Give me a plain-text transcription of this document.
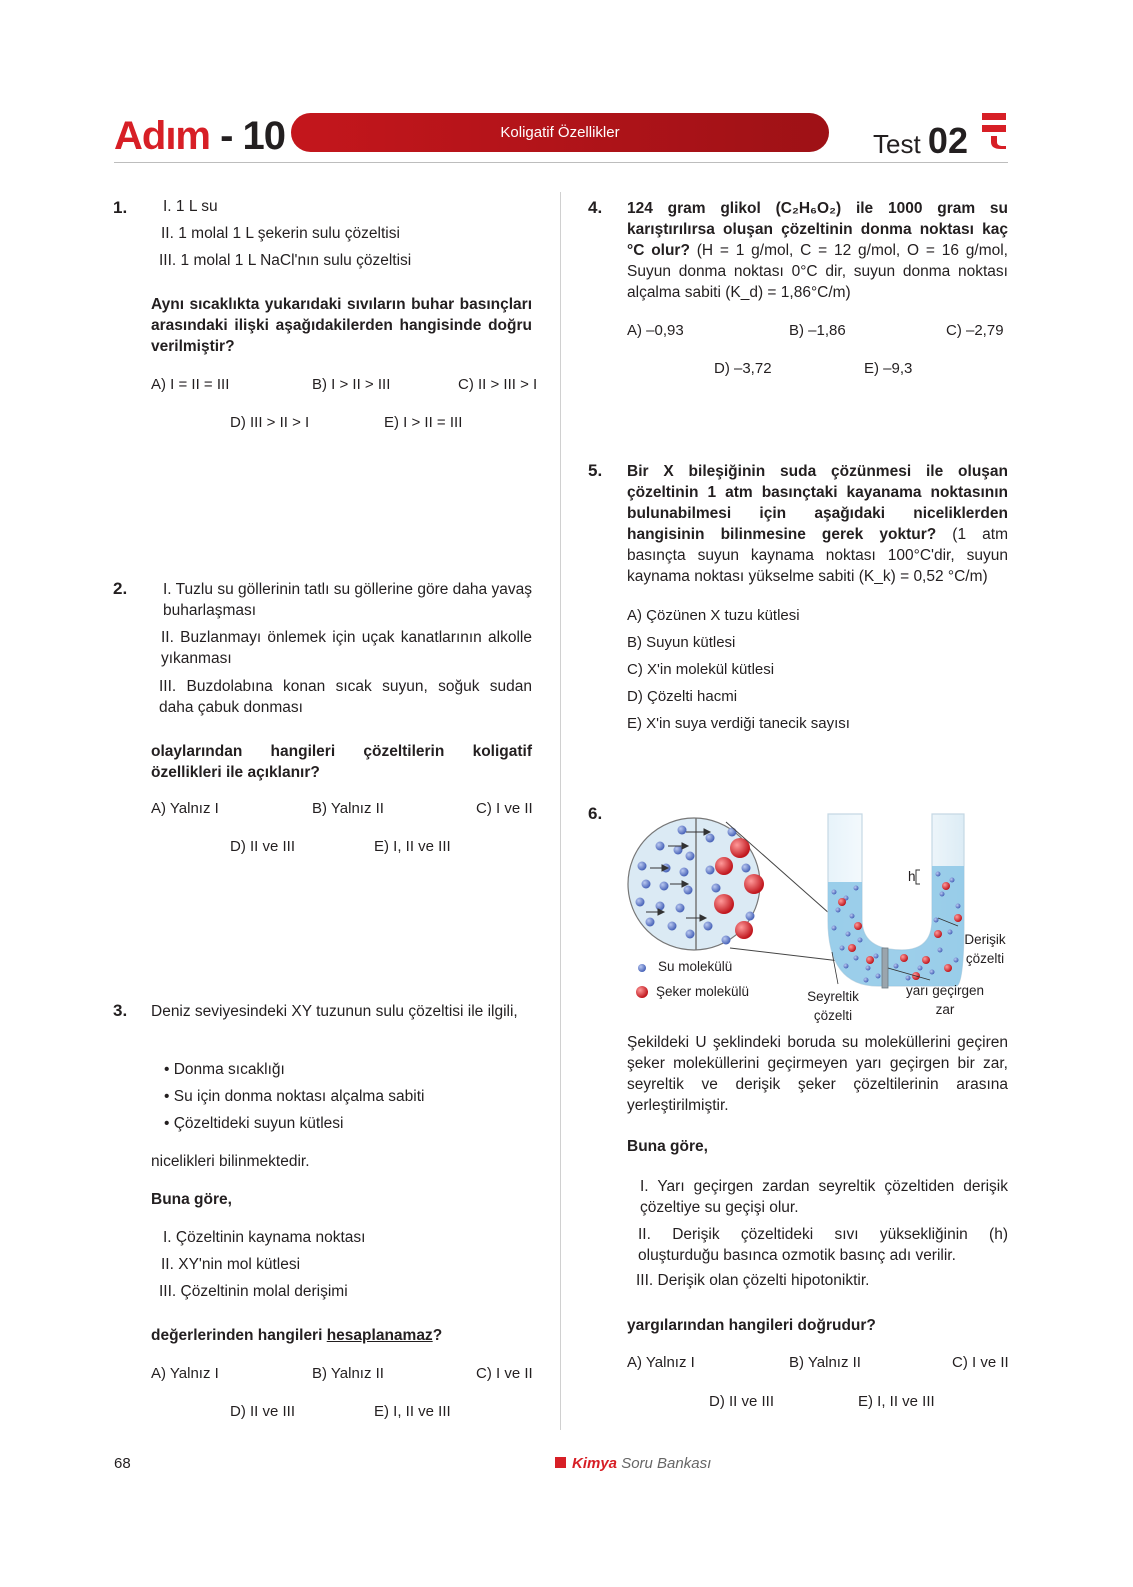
Adım - 10	Koligatif Özellikler	Test 02
1. I. 1 L su
II. 1 molal 1 L şekerin sulu çözeltisi
III. 1 molal 1 L NaCl'nın sulu çözeltisi
Aynı sıcaklıkta yukarıdaki sıvıların buhar basınçları arasındaki ilişki aşağıdakilerden hangisinde doğru verilmiştir?
A) I = II = III	B) I > II > III	C) II > III > I
D) III > II > I	E) I > II = III
2. I. Tuzlu su göllerinin tatlı su göllerine göre daha yavaş buharlaşması
II. Buzlanmayı önlemek için uçak kanatlarının alkolle yıkanması
III. Buzdolabına konan sıcak suyun, soğuk sudan daha çabuk donması
olaylarından hangileri çözeltilerin koligatif özellikleri ile açıklanır?
A) Yalnız I	B) Yalnız II	C) I ve II
D) II ve III	E) I, II ve III
3. Deniz seviyesindeki XY tuzunun sulu çözeltisi ile ilgili,
• Donma sıcaklığı
• Su için donma noktası alçalma sabiti
• Çözeltideki suyun kütlesi
nicelikleri bilinmektedir.
Buna göre,
I. Çözeltinin kaynama noktası
II. XY'nin mol kütlesi
III. Çözeltinin molal derişimi
değerlerinden hangileri hesaplanamaz?
A) Yalnız I	B) Yalnız II	C) I ve II
D) II ve III	E) I, II ve III
4. 124 gram glikol (C₂H₆O₂) ile 1000 gram su karıştırılırsa oluşan çözeltinin donma noktası kaç °C olur? (H = 1 g/mol, C = 12 g/mol, O = 16 g/mol, Suyun donma noktası 0°C dir, suyun donma noktası alçalma sabiti (K_d) = 1,86°C/m)
A) –0,93	B) –1,86	C) –2,79
D) –3,72	E) –9,3
5. Bir X bileşiğinin suda çözünmesi ile oluşan çözeltinin 1 atm basınçtaki kayanama noktasının bulunabilmesi için aşağıdaki niceliklerden hangisinin bilinmesine gerek yoktur? (1 atm basınçta suyun kaynama noktası 100°C'dir, suyun kaynama noktası yükselme sabiti (K_k) = 0,52 °C/m)
A) Çözünen X tuzu kütlesi
B) Suyun kütlesi
C) X'in molekül kütlesi
D) Çözelti hacmi
E) X'in suya verdiği tanecik sayısı
6.
h
Su molekülü
Şeker molekülü
Derişik çözelti
Seyreltik çözelti
yarı geçirgen zar
Şekildeki U şeklindeki boruda su moleküllerini geçiren şeker moleküllerini geçirmeyen yarı geçirgen bir zar, seyreltik ve derişik şeker çözeltilerinin arasına yerleştirilmiştir.
Buna göre,
I. Yarı geçirgen zardan seyreltik çözeltiden derişik çözeltiye su geçişi olur.
II. Derişik çözeltideki sıvı yüksekliğinin (h) oluşturduğu basınca ozmotik basınç adı verilir.
III. Derişik olan çözelti hipotoniktir.
yargılarından hangileri doğrudur?
A) Yalnız I	B) Yalnız II	C) I ve II
D) II ve III	E) I, II ve III
68	Kimya Soru Bankası
